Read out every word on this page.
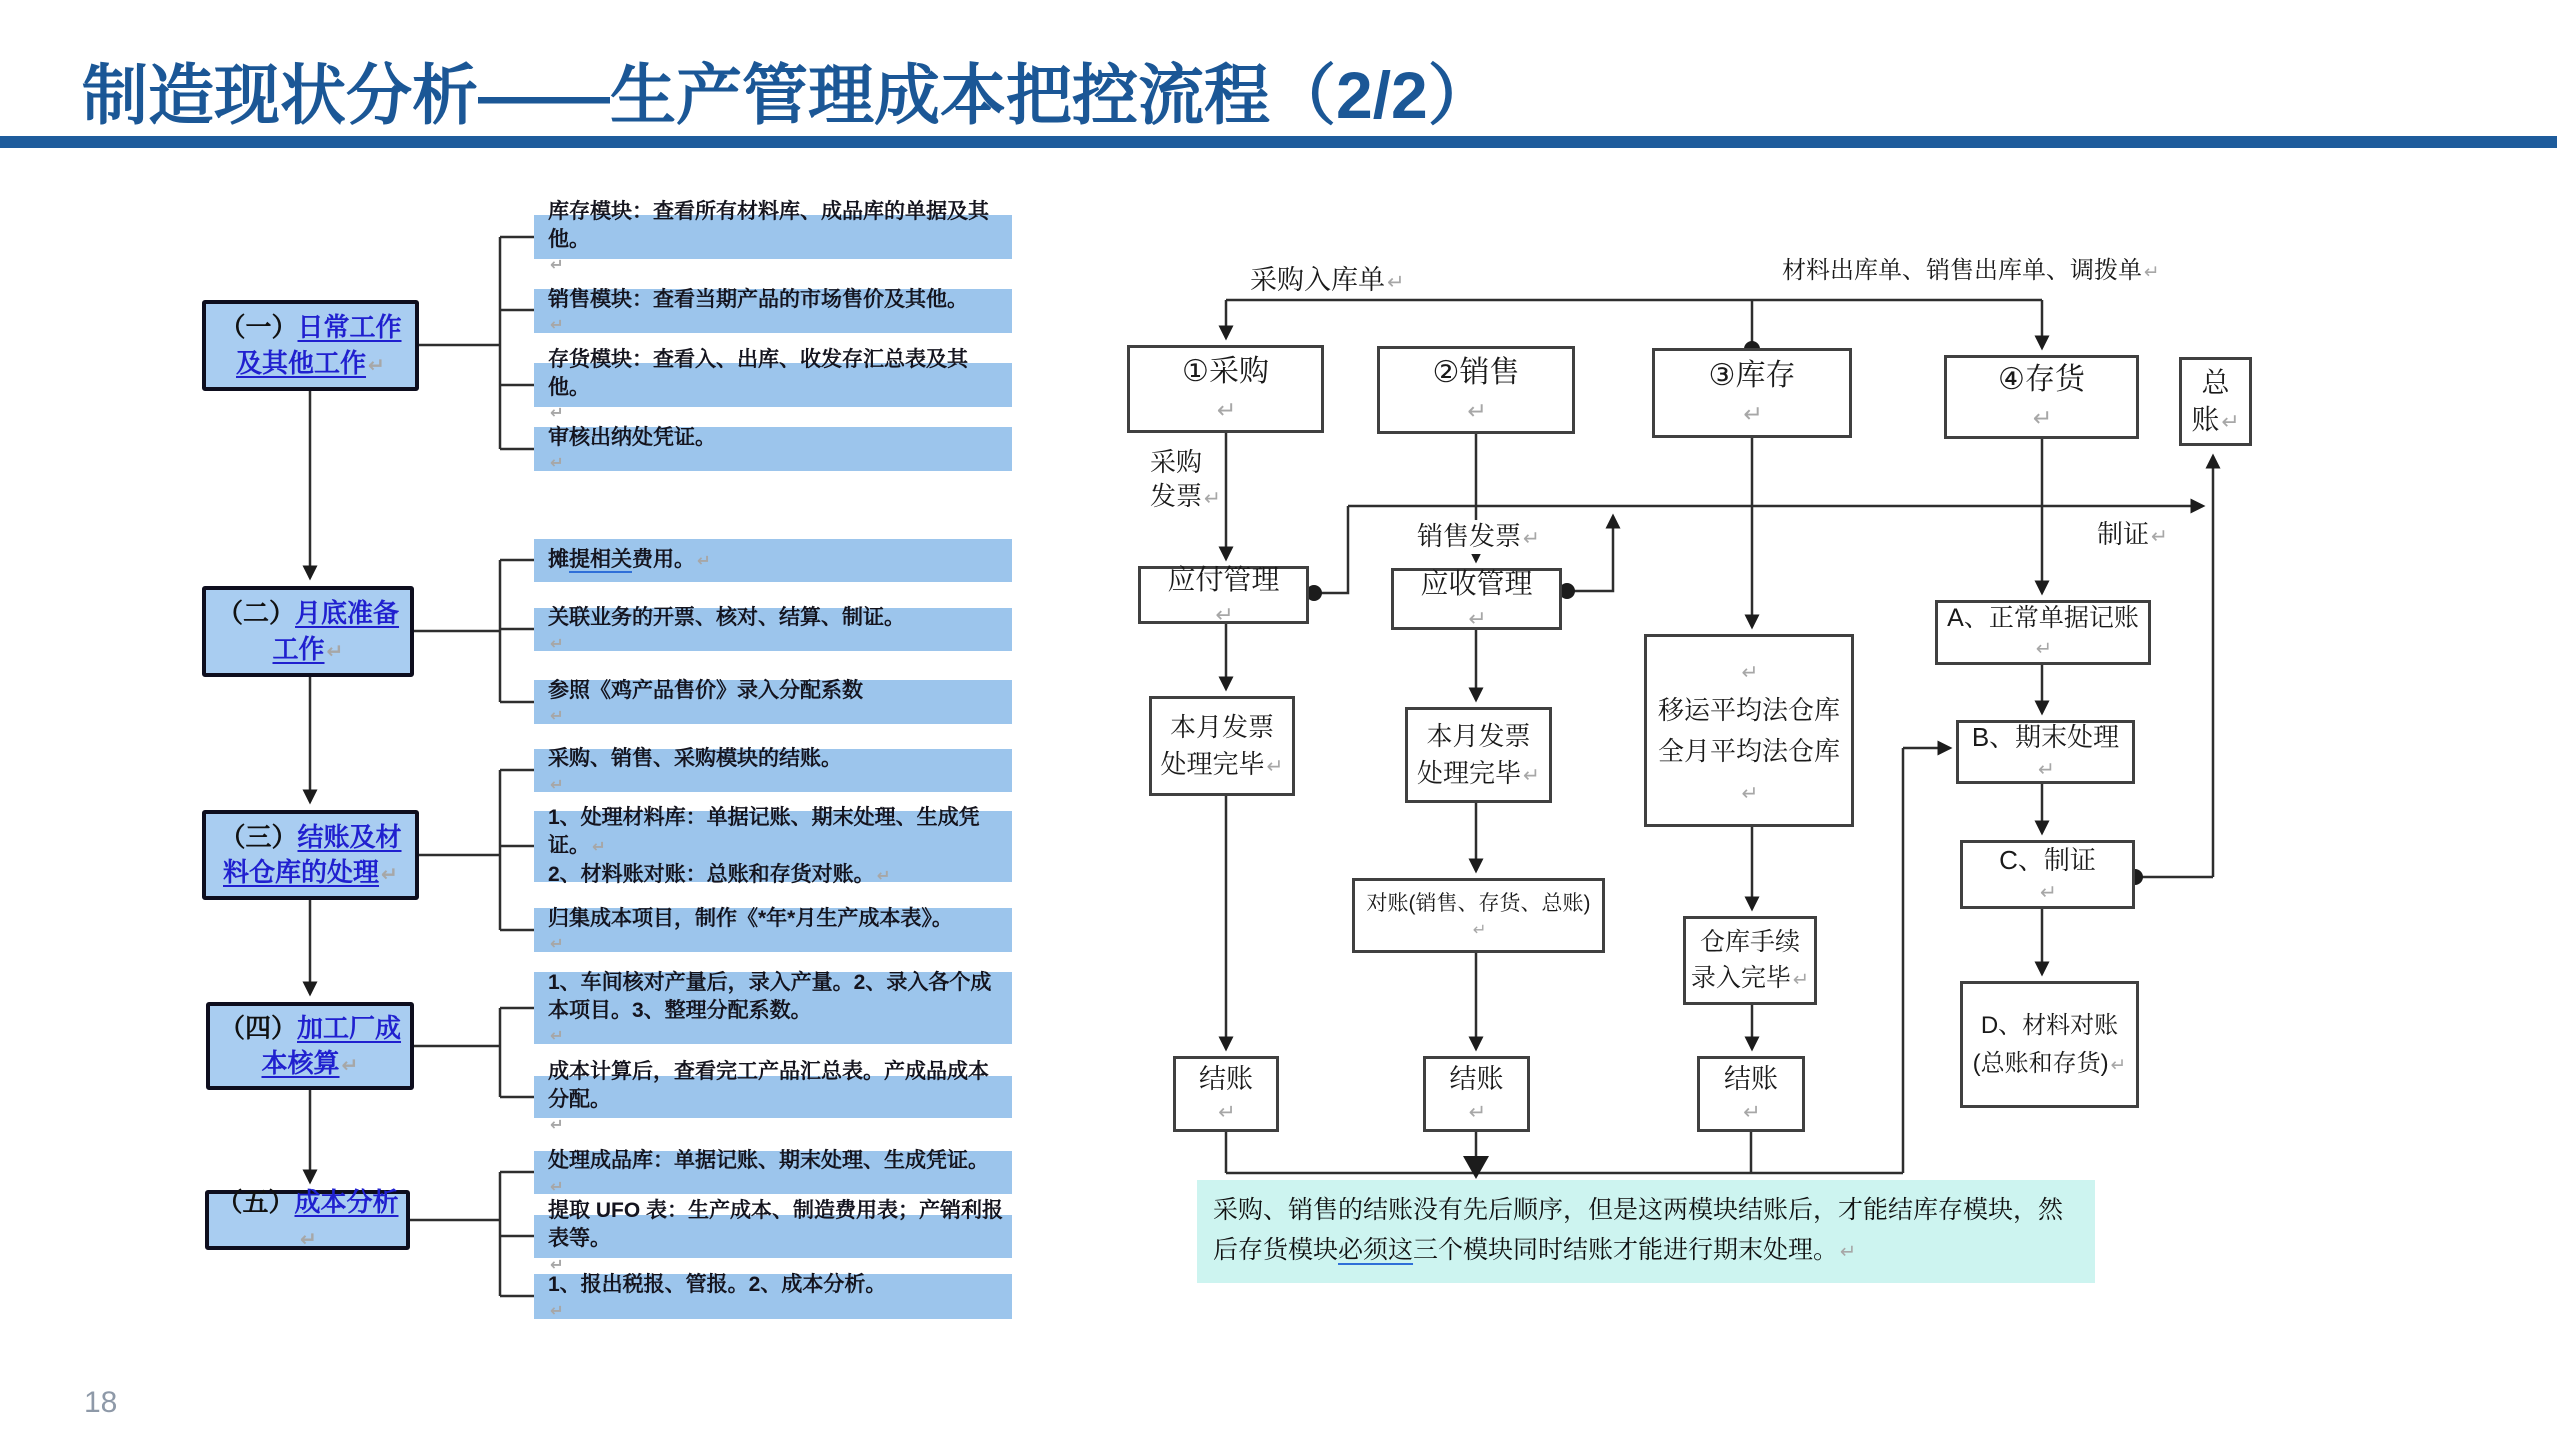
制造现状分析——生产管理成本把控流程（2/2）
18
（一）日常工作及其他工作↵
库存模块：查看所有材料库、成品库的单据及其他。
↵
销售模块：查看当期产品的市场售价及其他。
↵
存货模块：查看入、出库、收发存汇总表及其他。
↵
审核出纳处凭证。
↵
（二）月底准备工作↵
摊提相关费用。 ↵
关联业务的开票、核对、结算、制证。
↵
参照《鸡产品售价》录入分配系数
↵
（三）结账及材料仓库的处理↵
采购、销售、采购模块的结账。
↵
1、处理材料库：单据记账、期末处理、生成凭证。 ↵
2、材料账对账：总账和存货对账。 ↵
归集成本项目，制作《*年*月生产成本表》。
↵
（四）加工厂成本核算↵
1、车间核对产量后，录入产量。2、录入各个成本项目。3、整理分配系数。
↵
成本计算后，查看完工产品汇总表。产成品成本分配。
↵
（五）成本分析↵
处理成品库：单据记账、期末处理、生成凭证。
↵
提取 UFO 表：生产成本、制造费用表；产销利报表等。
↵
1、报出税报、管报。2、成本分析。
↵
采购入库单↵	材料出库单、销售出库单、调拨单 ↵
①采购
↵
②销售
↵
③库存
↵
④存货
↵
总
账↵
采购
发票↵
销售发票↵	制证↵
应付管理
↵
应收管理
↵
本月发票
处理完毕↵
本月发票
处理完毕↵
↵
移运平均法仓库
全月平均法仓库↵
对账(销售、存货、总账)
↵	仓库手续
录入完毕 ↵
A、正常单据记账
↵
B、期末处理
↵
C、制证
↵
D、材料对账
(总账和存货) ↵
结账
↵
结账
↵
结账
↵
采购、销售的结账没有先后顺序，但是这两模块结账后，才能结库存模块，然后存货模块必须这三个模块同时结账才能进行期末处理。 ↵
